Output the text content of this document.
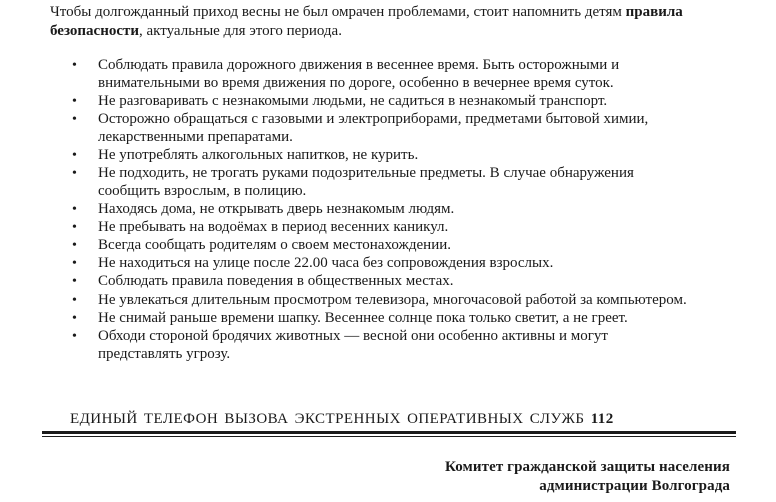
Чтобы долгожданный приход весны не был омрачен проблемами, стоит напомнить детям правила безопасности, актуальные для этого периода.

• Соблюдать правила дорожного движения в весеннее время. Быть осторожными и внимательными во время движения по дороге, особенно в вечернее время суток.
• Не разговаривать с незнакомыми людьми, не садиться в незнакомый транспорт.
• Осторожно обращаться с газовыми и электроприборами, предметами бытовой химии, лекарственными препаратами.
• Не употреблять алкогольных напитков, не курить.
• Не подходить, не трогать руками подозрительные предметы. В случае обнаружения сообщить взрослым, в полицию.
• Находясь дома, не открывать дверь незнакомым людям.
• Не пребывать на водоёмах в период весенних каникул.
• Всегда сообщать родителям о своем местонахождении.
• Не находиться на улице после 22.00 часа без сопровождения взрослых.
• Соблюдать правила поведения в общественных местах.
• Не увлекаться длительным просмотром телевизора, многочасовой работой за компьютером.
• Не снимай раньше времени шапку. Весеннее солнце пока только светит, а не греет.
• Обходи стороной бродячих животных — весной они особенно активны и могут представлять угрозу.

ЕДИНЫЙ ТЕЛЕФОН ВЫЗОВА ЭКСТРЕННЫХ ОПЕРАТИВНЫХ СЛУЖБ 112

Комитет гражданской защиты населения
администрации Волгограда
